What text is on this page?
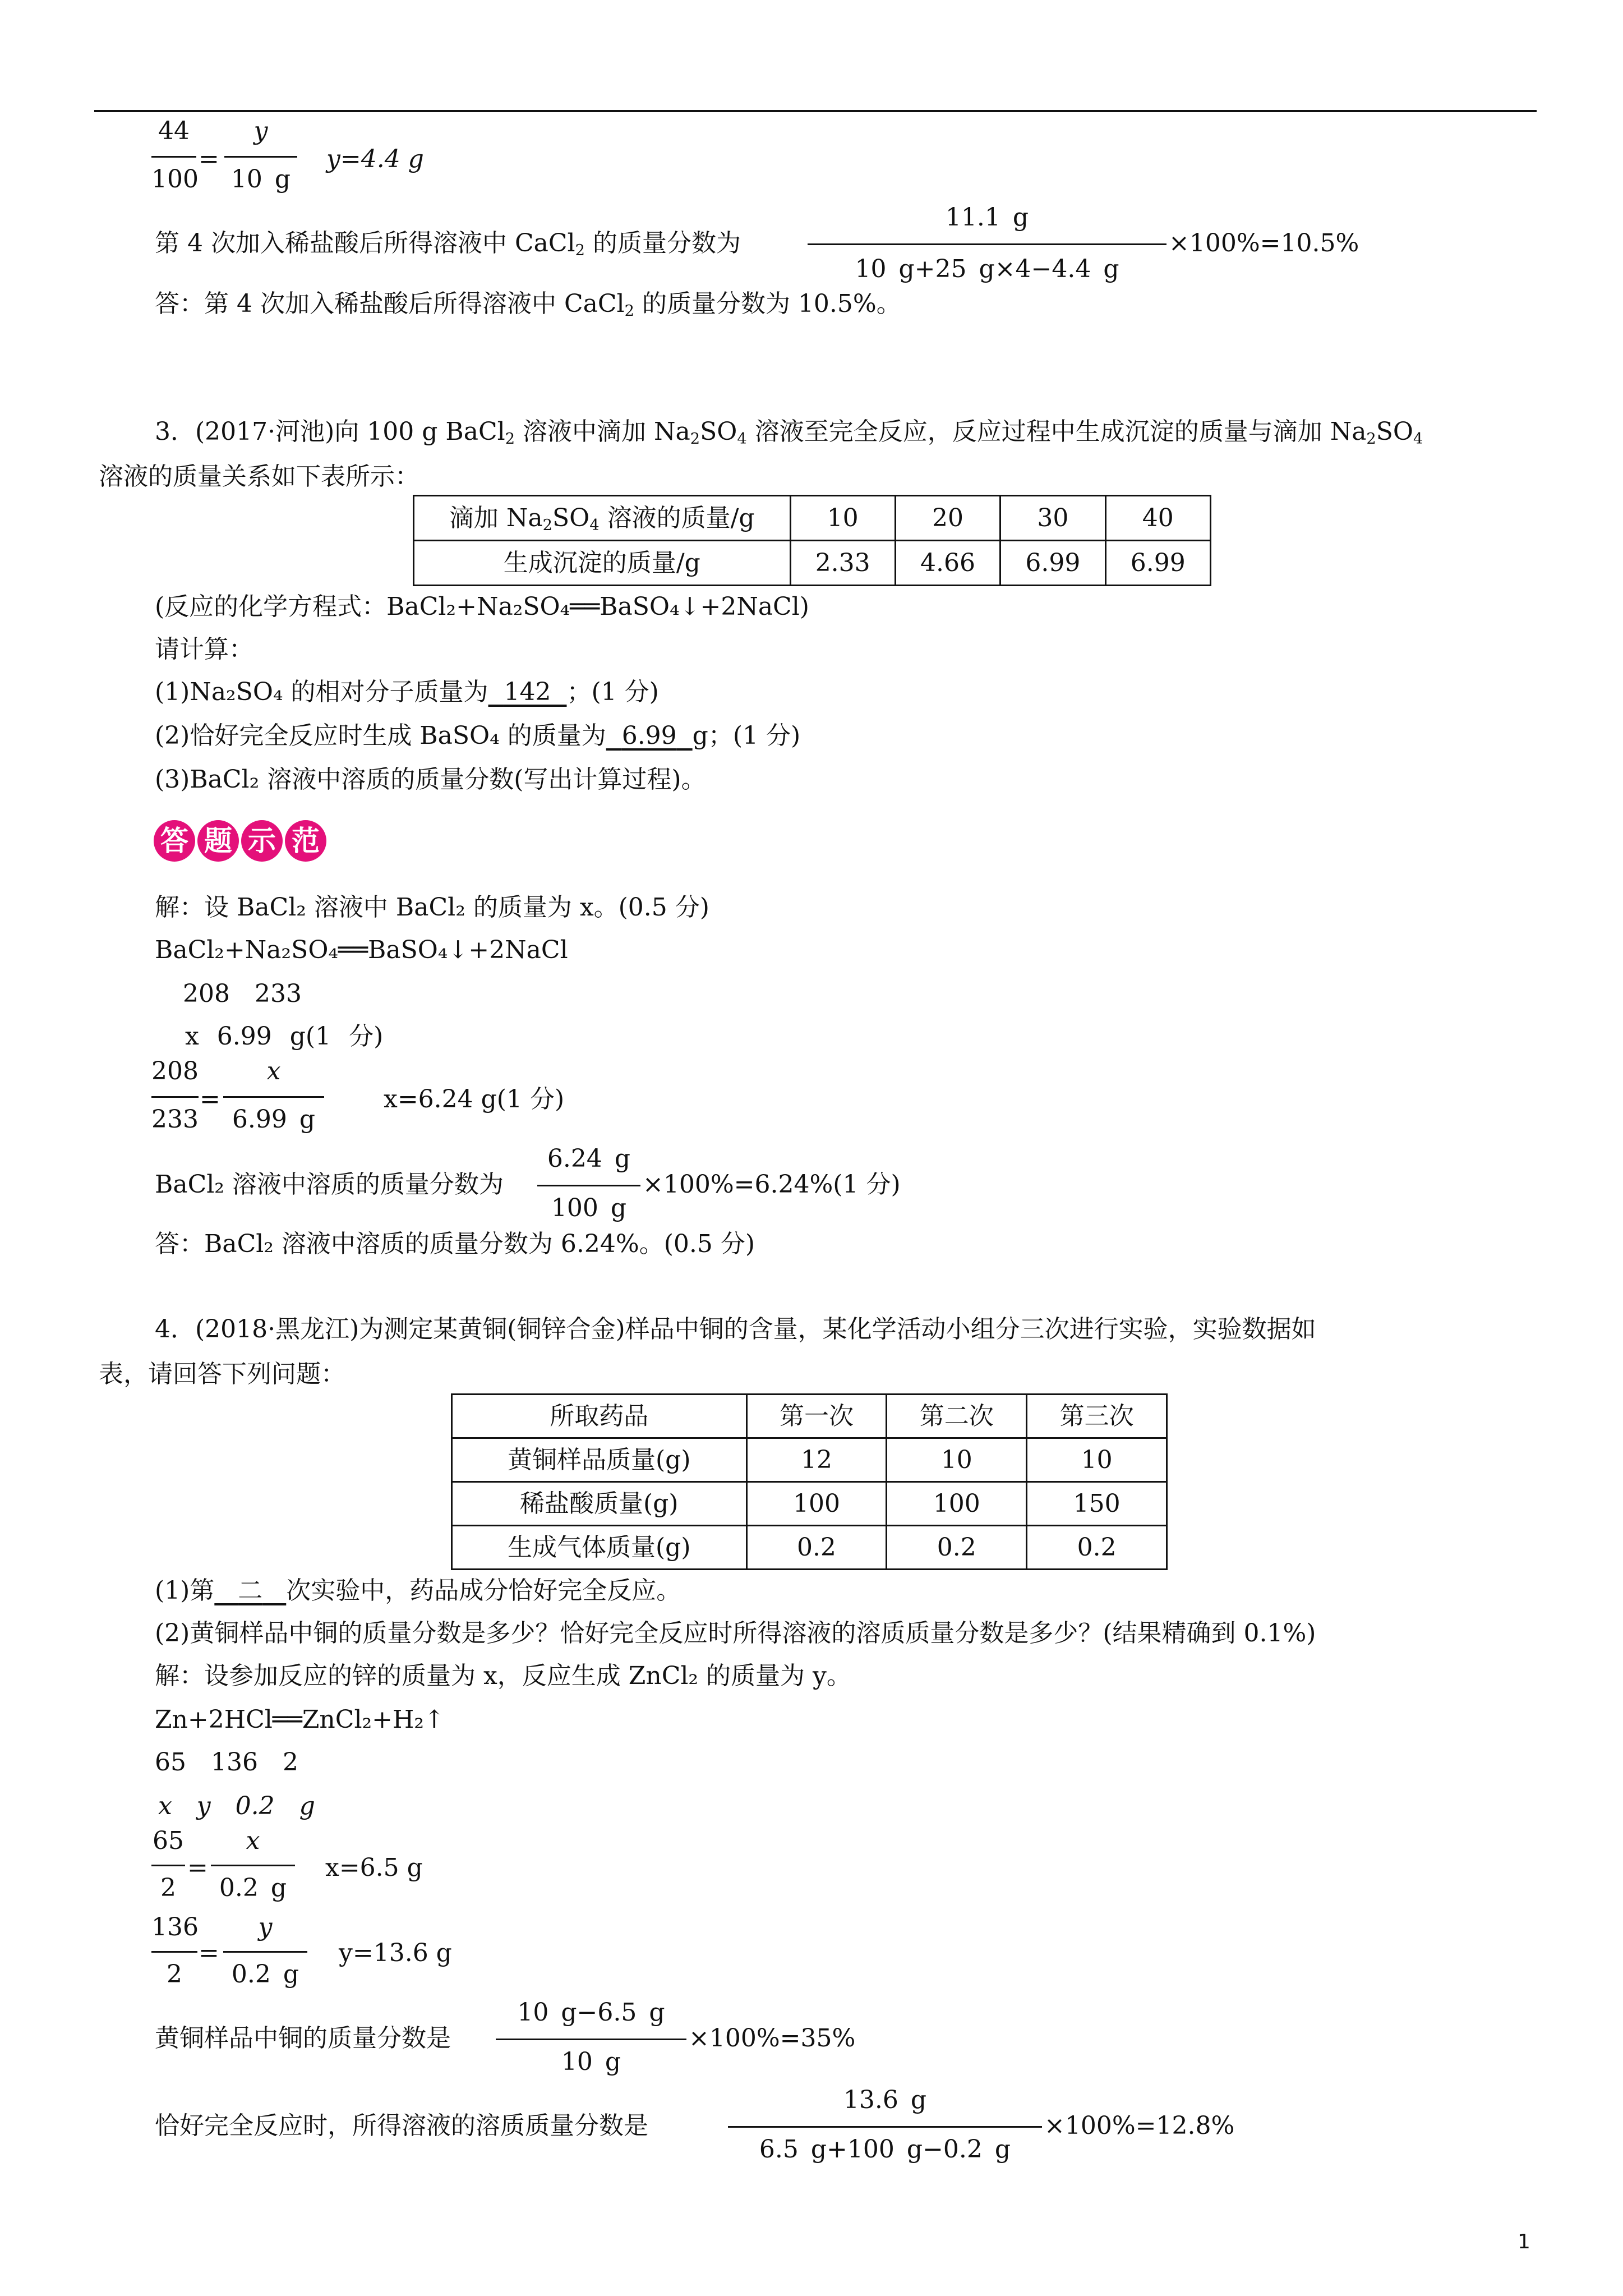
44
100
=
y
10 g
y=4.4 g
第 4 次加入稀盐酸后所得溶液中 CaCl$_2$ 的质量分数为
11.1 g
10 g+25 g×4−4.4 g
×100%=10.5%
答：第 4 次加入稀盐酸后所得溶液中 CaCl$_2$ 的质量分数为 10.5%。
3．(2017·河池)向 100 g BaCl$_2$ 溶液中滴加 $Na_2SO_4$ 溶液至完全反应，反应过程中生成沉淀的质量与滴加 $Na_2SO_4$
溶液的质量关系如下表所示：
滴加 $Na_2SO_4$ 溶液的质量/g	10	20	30	40
生成沉淀的质量/g	2.33	4.66	6.99	6.99
(反应的化学方程式：BaCl₂+Na₂SO₄══BaSO₄↓+2NaCl)
请计算：
(1)Na₂SO₄ 的相对分子质量为 142 ；(1 分)
(2)恰好完全反应时生成 BaSO₄ 的质量为 6.99 g；(1 分)
(3)BaCl₂ 溶液中溶质的质量分数(写出计算过程)。
答 题 示 范
解：设 BaCl₂ 溶液中 BaCl₂ 的质量为 x。(0.5 分)
BaCl₂+Na₂SO₄══BaSO₄↓+2NaCl
208 233
x 6.99 g(1 分)
208
233
=
x
6.99 g
x=6.24 g(1 分)
BaCl₂ 溶液中溶质的质量分数为
6.24 g
100 g
×100%=6.24%(1 分)
答：BaCl₂ 溶液中溶质的质量分数为 6.24%。(0.5 分)
4．(2018·黑龙江)为测定某黄铜(铜锌合金)样品中铜的含量，某化学活动小组分三次进行实验，实验数据如
表，请回答下列问题：
所取药品	第一次	第二次	第三次
黄铜样品质量(g)	12	10	10
稀盐酸质量(g)	100	100	150
生成气体质量(g)	0.2	0.2	0.2
(1)第 二 次实验中，药品成分恰好完全反应。
(2)黄铜样品中铜的质量分数是多少？恰好完全反应时所得溶液的溶质质量分数是多少？(结果精确到 0.1%)
解：设参加反应的锌的质量为 x，反应生成 ZnCl₂ 的质量为 y。
Zn+2HCl══ZnCl₂+H₂↑
65 136 2
x y 0.2 g
65
2
=
x
0.2 g
x=6.5 g
136
2
=
y
0.2 g
y=13.6 g
黄铜样品中铜的质量分数是
10 g−6.5 g
10 g
×100%=35%
恰好完全反应时，所得溶液的溶质质量分数是
13.6 g
6.5 g+100 g−0.2 g
×100%=12.8%
1
